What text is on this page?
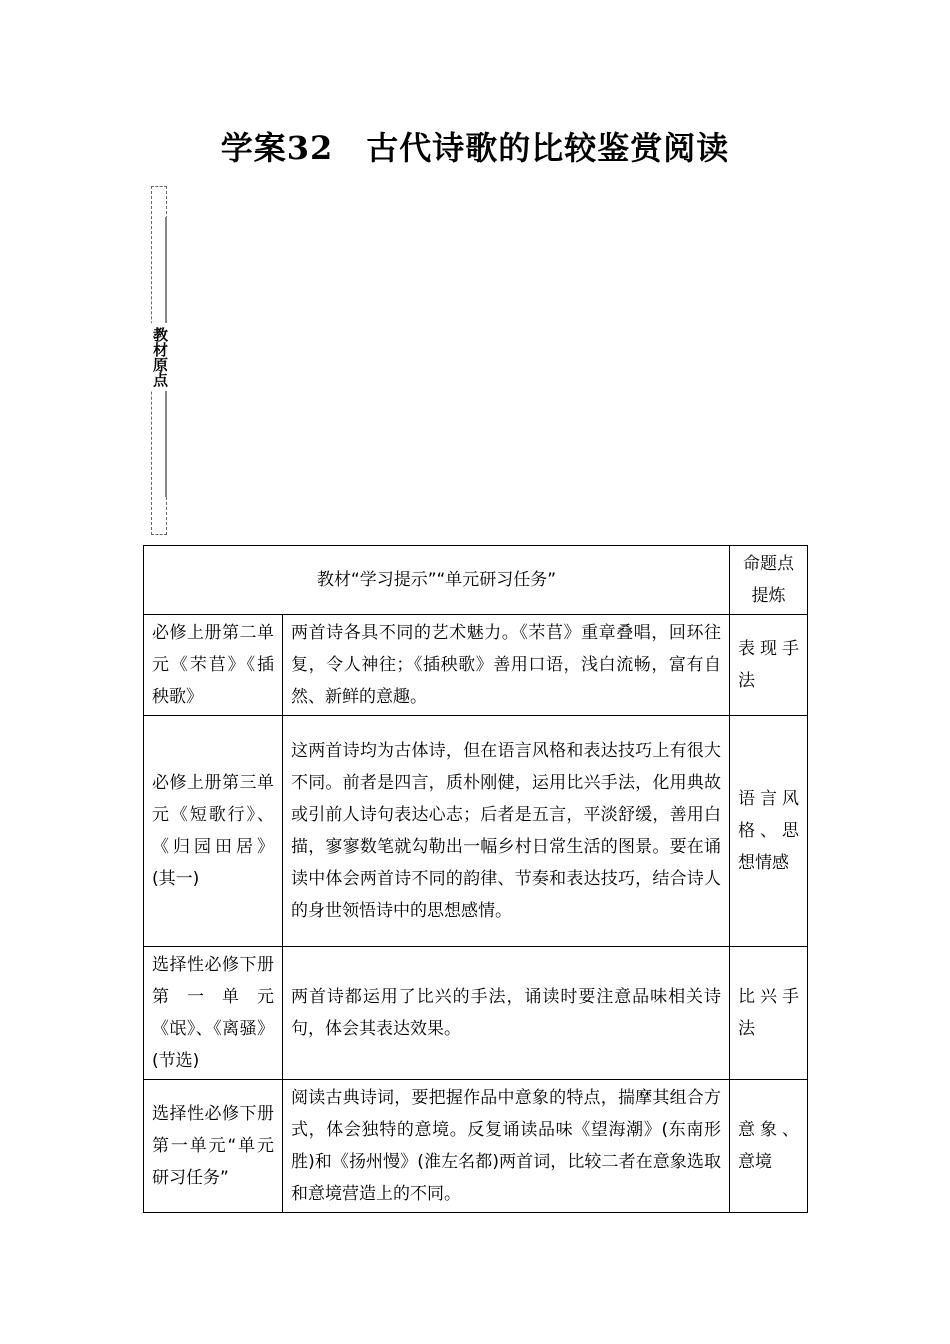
学案32　古代诗歌的比较鉴赏阅读
教材原点
教材“学习提示”“单元研习任务”		命题点提炼
必修上册第二单元《芣苢》《插秧歌》	两首诗各具不同的艺术魅力。《芣苢》重章叠唱，回环往复，令人神往；《插秧歌》善用口语，浅白流畅，富有自然、新鲜的意趣。	表现手法
必修上册第三单元《短歌行》、《归园田居》(其一)	这两首诗均为古体诗，但在语言风格和表达技巧上有很大不同。前者是四言，质朴刚健，运用比兴手法，化用典故或引前人诗句表达心志；后者是五言，平淡舒缓，善用白描，寥寥数笔就勾勒出一幅乡村日常生活的图景。要在诵读中体会两首诗不同的韵律、节奏和表达技巧，结合诗人的身世领悟诗中的思想感情。	语言风格、思想情感
选择性必修下册第一单元《氓》、《离骚》(节选)	两首诗都运用了比兴的手法，诵读时要注意品味相关诗句，体会其表达效果。	比兴手法
选择性必修下册第一单元“单元研习任务”	阅读古典诗词，要把握作品中意象的特点，揣摩其组合方式，体会独特的意境。反复诵读品味《望海潮》(东南形胜)和《扬州慢》(淮左名都)两首词，比较二者在意象选取和意境营造上的不同。	意象、意境
